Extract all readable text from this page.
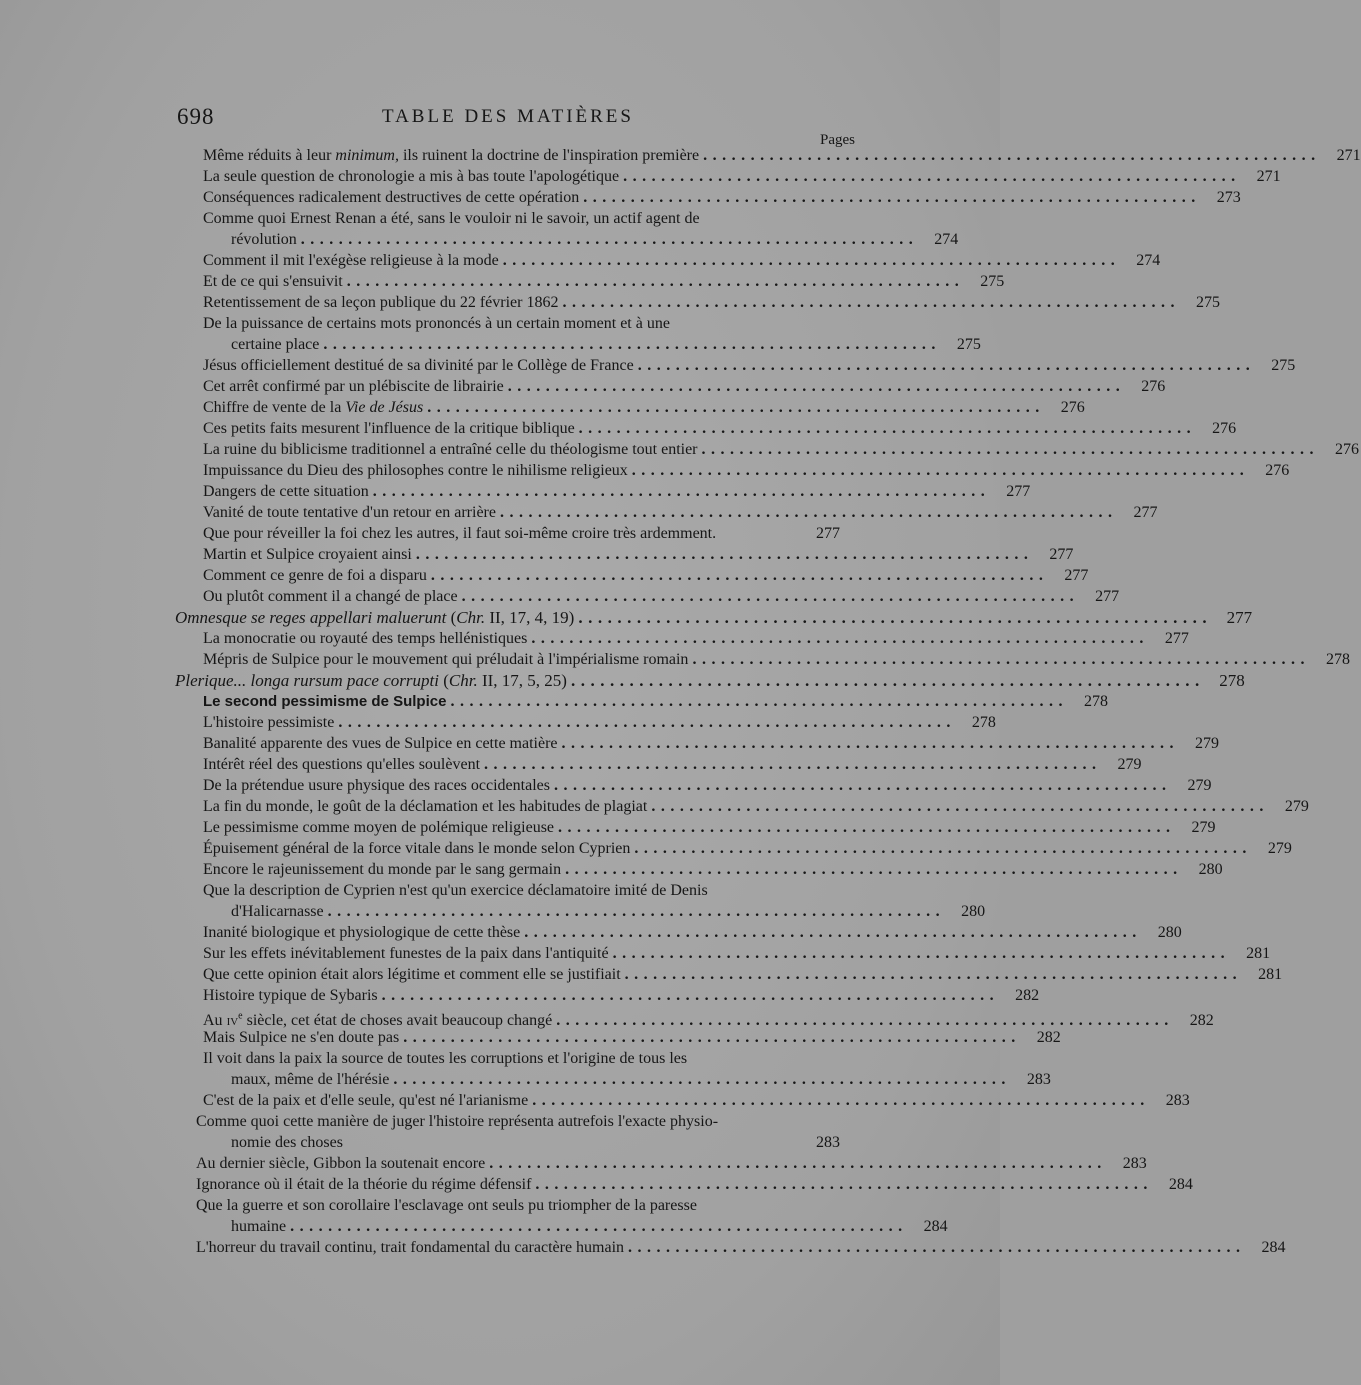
698	TABLE DES MATIÈRES
Pages
Même réduits à leur minimum, ils ruinent la doctrine de l'inspiration première .................................................................	271
La seule question de chronologie a mis à bas toute l'apologétique .................................................................	271
Conséquences radicalement destructives de cette opération .................................................................	273
Comme quoi Ernest Renan a été, sans le vouloir ni le savoir, un actif agent de
révolution .................................................................	274
Comment il mit l'exégèse religieuse à la mode .................................................................	274
Et de ce qui s'ensuivit .................................................................	275
Retentissement de sa leçon publique du 22 février 1862 .................................................................	275
De la puissance de certains mots prononcés à un certain moment et à une
certaine place .................................................................	275
Jésus officiellement destitué de sa divinité par le Collège de France .................................................................	275
Cet arrêt confirmé par un plébiscite de librairie .................................................................	276
Chiffre de vente de la Vie de Jésus .................................................................	276
Ces petits faits mesurent l'influence de la critique biblique .................................................................	276
La ruine du biblicisme traditionnel a entraîné celle du théologisme tout entier .................................................................	276
Impuissance du Dieu des philosophes contre le nihilisme religieux .................................................................	276
Dangers de cette situation .................................................................	277
Vanité de toute tentative d'un retour en arrière .................................................................	277
Que pour réveiller la foi chez les autres, il faut soi-même croire très ardemment.	277
Martin et Sulpice croyaient ainsi .................................................................	277
Comment ce genre de foi a disparu .................................................................	277
Ou plutôt comment il a changé de place .................................................................	277
Omnesque se reges appellari maluerunt (Chr. II, 17, 4, 19) ................................................................. 277
La monocratie ou royauté des temps hellénistiques .................................................................	277
Mépris de Sulpice pour le mouvement qui préludait à l'impérialisme romain .................................................................	278
Plerique... longa rursum pace corrupti (Chr. II, 17, 5, 25) ................................................................. 278
Le second pessimisme de Sulpice .................................................................	278
L'histoire pessimiste .................................................................	278
Banalité apparente des vues de Sulpice en cette matière .................................................................	279
Intérêt réel des questions qu'elles soulèvent .................................................................	279
De la prétendue usure physique des races occidentales .................................................................	279
La fin du monde, le goût de la déclamation et les habitudes de plagiat .................................................................	279
Le pessimisme comme moyen de polémique religieuse .................................................................	279
Épuisement général de la force vitale dans le monde selon Cyprien .................................................................	279
Encore le rajeunissement du monde par le sang germain .................................................................	280
Que la description de Cyprien n'est qu'un exercice déclamatoire imité de Denis
d'Halicarnasse .................................................................	280
Inanité biologique et physiologique de cette thèse .................................................................	280
Sur les effets inévitablement funestes de la paix dans l'antiquité .................................................................	281
Que cette opinion était alors légitime et comment elle se justifiait .................................................................	281
Histoire typique de Sybaris .................................................................	282
Au $iv^e$ siècle, cet état de choses avait beaucoup changé .................................................................	282
Mais Sulpice ne s'en doute pas .................................................................	282
Il voit dans la paix la source de toutes les corruptions et l'origine de tous les
maux, même de l'hérésie .................................................................	283
C'est de la paix et d'elle seule, qu'est né l'arianisme .................................................................	283
Comme quoi cette manière de juger l'histoire représenta autrefois l'exacte physio-
nomie des choses	283
Au dernier siècle, Gibbon la soutenait encore .................................................................	283
Ignorance où il était de la théorie du régime défensif .................................................................	284
Que la guerre et son corollaire l'esclavage ont seuls pu triompher de la paresse
humaine .................................................................	284
L'horreur du travail continu, trait fondamental du caractère humain .................................................................	284
